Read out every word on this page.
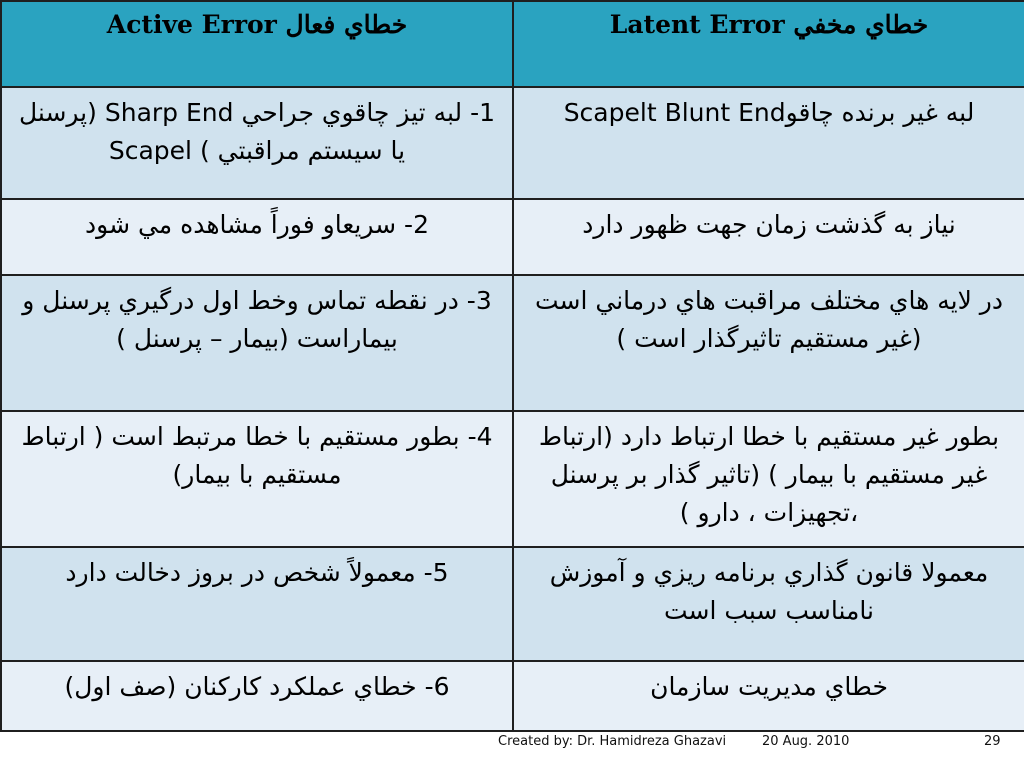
Active Error خطاي فعال	Latent Error خطاي مخفي

1- لبه تيز چاقوي جراحي Sharp End (پرسنل يا سيستم مراقبتي ) Scapel	لبه غير برنده چاقوScapelt Blunt End

2- سريعاو فوراً مشاهده مي شود	نياز به گذشت زمان جهت ظهور دارد

3- در نقطه تماس وخط اول درگيري پرسنل و بيماراست (بيمار – پرسنل )	در لايه هاي مختلف مراقبت هاي درماني است (غير مستقيم تاثيرگذار است )

4- بطور مستقيم با خطا مرتبط است ( ارتباط مستقيم با بيمار)	بطور غير مستقيم با خطا ارتباط دارد (ارتباط غير مستقيم با بيمار ) (تاثير گذار بر پرسنل ،تجهيزات ، دارو )

5- معمولاً شخص در بروز دخالت دارد	معمولا قانون گذاري برنامه ريزي و آموزش نامناسب سبب است

6- خطاي عملكرد كاركنان (صف اول)	خطاي مديريت سازمان
Created by: Dr. Hamidreza Ghazavi	20 Aug. 2010	29
